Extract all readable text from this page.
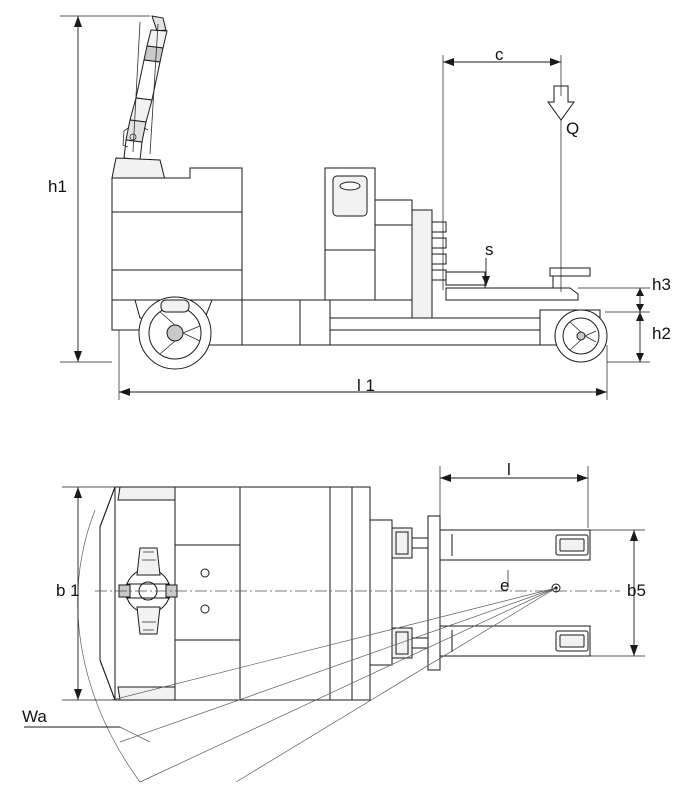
h1
c
Q
s
h3
h2
l 1
l
b 1	b5
e
Wa
